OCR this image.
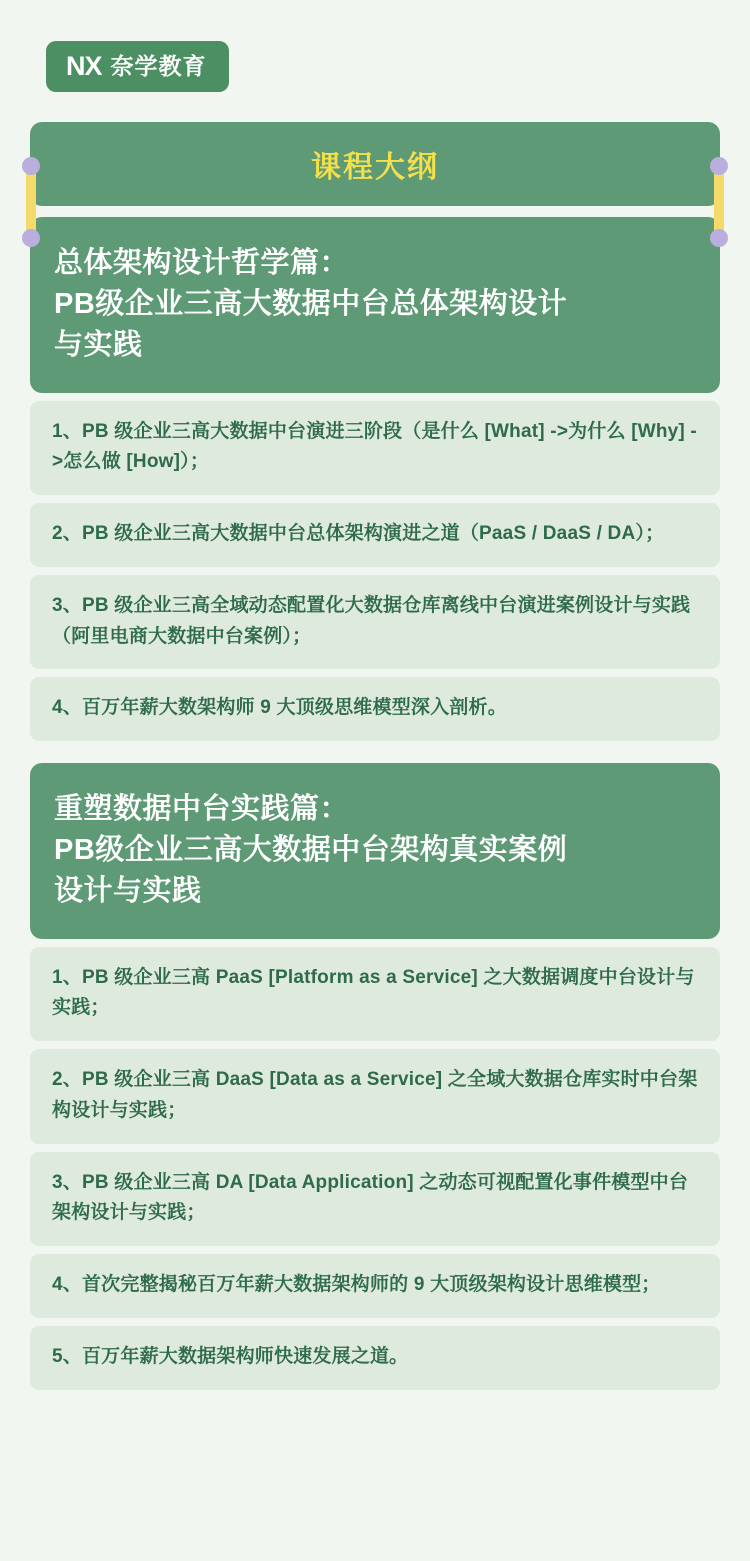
NX 奈学教育
课程大纲
总体架构设计哲学篇：
PB级企业三高大数据中台总体架构设计
与实践
1、PB 级企业三高大数据中台演进三阶段（是什么 [What] ->为什么 [Why] ->怎么做 [How]）；
2、PB 级企业三高大数据中台总体架构演进之道（PaaS / DaaS / DA）；
3、PB 级企业三高全域动态配置化大数据仓库离线中台演进案例设计与实践（阿里电商大数据中台案例）；
4、百万年薪大数架构师 9 大顶级思维模型深入剖析。
重塑数据中台实践篇：
PB级企业三高大数据中台架构真实案例
设计与实践
1、PB 级企业三高 PaaS [Platform as a Service] 之大数据调度中台设计与实践；
2、PB 级企业三高 DaaS [Data as a Service] 之全域大数据仓库实时中台架构设计与实践；
3、PB 级企业三高 DA [Data Application] 之动态可视配置化事件模型中台架构设计与实践；
4、首次完整揭秘百万年薪大数据架构师的 9 大顶级架构设计思维模型；
5、百万年薪大数据架构师快速发展之道。
